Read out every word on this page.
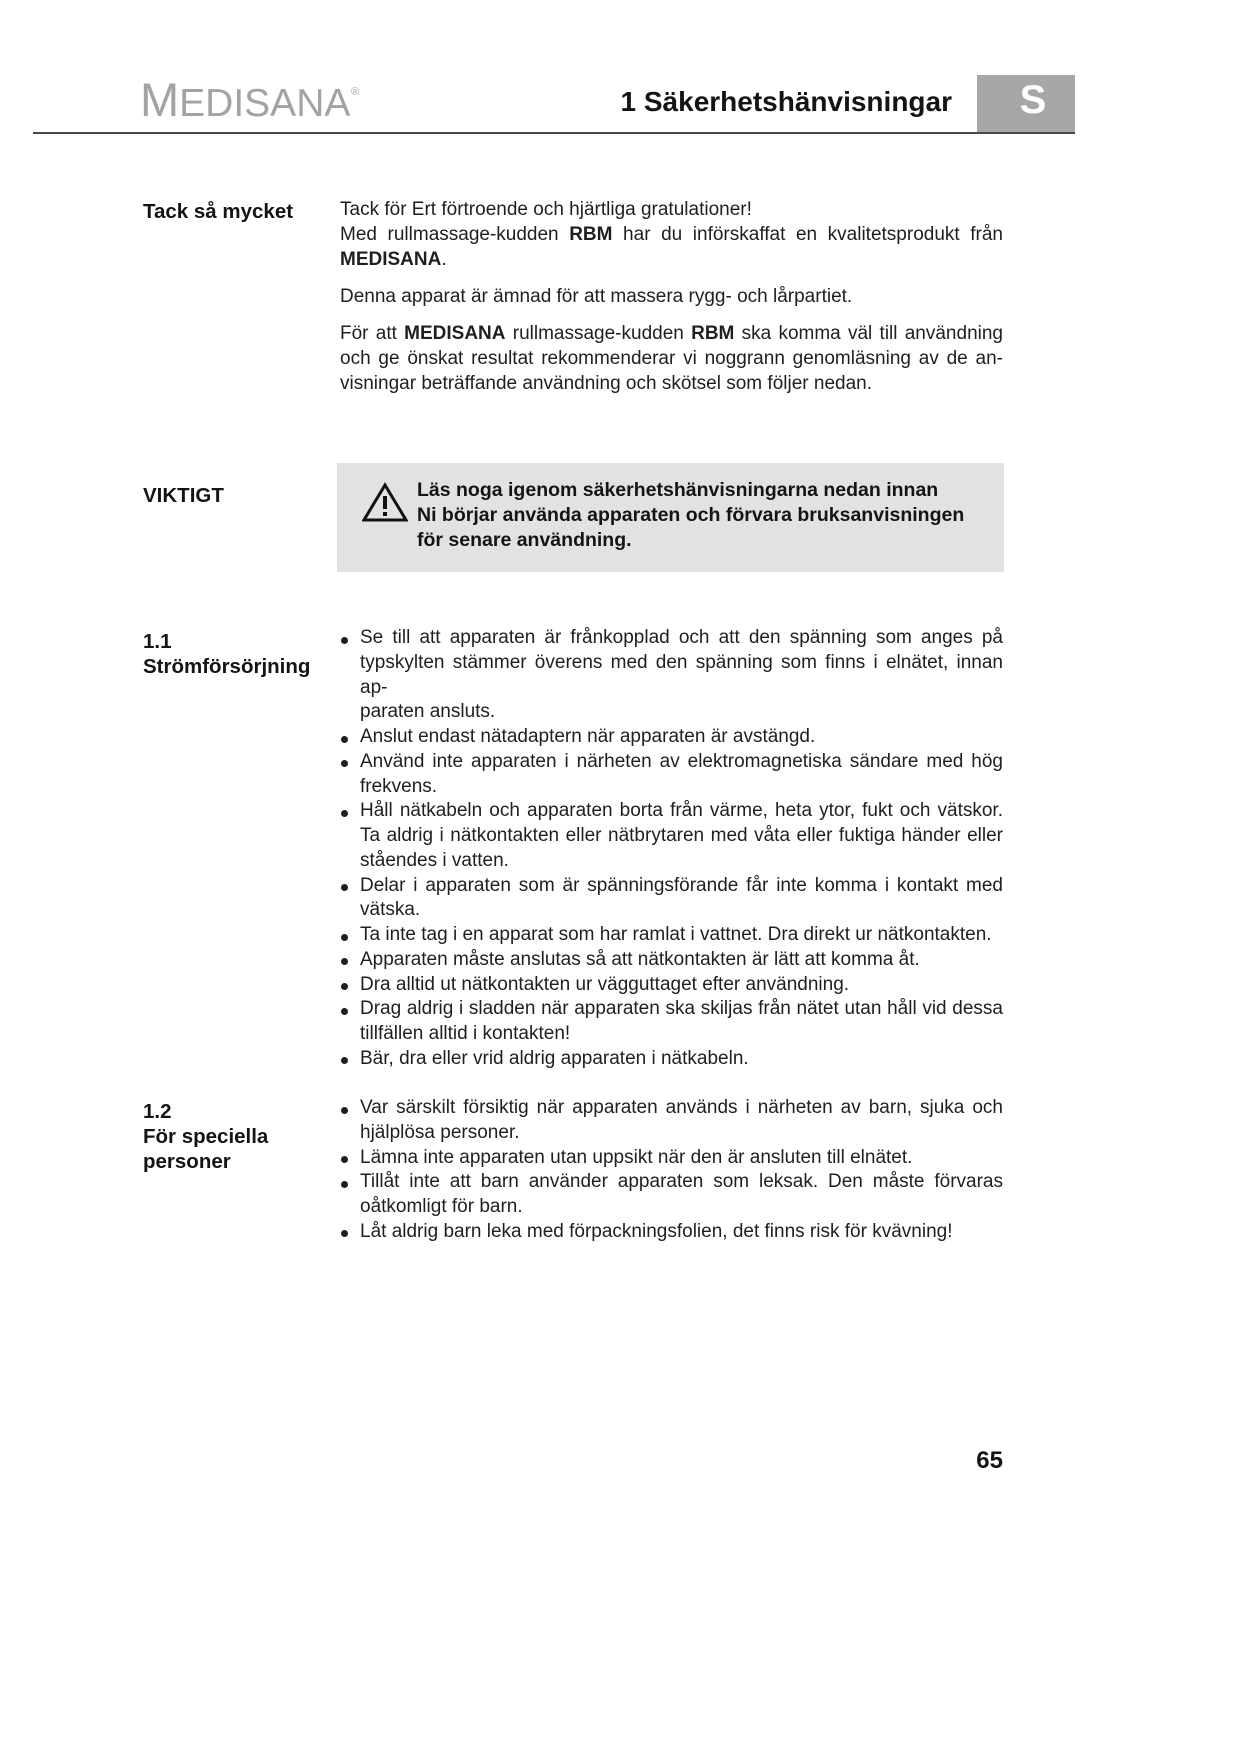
MEDISANA ®	1 Säkerhetshänvisningar	S
Tack så mycket Tack för Ert förtroende och hjärtliga gratulationer!
Med rullmassage-kudden RBM har du införskaffat en kvalitetsprodukt från
MEDISANA.
Denna apparat är ämnad för att massera rygg- och lårpartiet.
För att MEDISANA rullmassage-kudden RBM ska komma väl till användning
och ge önskat resultat rekommenderar vi noggrann genomläsning av de an-
visningar beträffande användning och skötsel som följer nedan.
VIKTIGT	Läs noga igenom säkerhetshänvisningarna nedan innan
Ni börjar använda apparaten och förvara bruksanvisningen
för senare användning.
1.1
Strömförsörjning
Se till att apparaten är frånkopplad och att den spänning som anges på
typskylten stämmer överens med den spänning som finns i elnätet, innan ap-
paraten ansluts.
Anslut endast nätadaptern när apparaten är avstängd.
Använd inte apparaten i närheten av elektromagnetiska sändare med hög
frekvens.
Håll nätkabeln och apparaten borta från värme, heta ytor, fukt och vätskor.
Ta aldrig i nätkontakten eller nätbrytaren med våta eller fuktiga händer eller
ståendes i vatten.
Delar i apparaten som är spänningsförande får inte komma i kontakt med
vätska.
Ta inte tag i en apparat som har ramlat i vattnet. Dra direkt ur nätkontakten.
Apparaten måste anslutas så att nätkontakten är lätt att komma åt.
Dra alltid ut nätkontakten ur vägguttaget efter användning.
Drag aldrig i sladden när apparaten ska skiljas från nätet utan håll vid dessa
tillfällen alltid i kontakten!
Bär, dra eller vrid aldrig apparaten i nätkabeln.
1.2
För speciella
personer
Var särskilt försiktig när apparaten används i närheten av barn, sjuka och
hjälplösa personer.
Lämna inte apparaten utan uppsikt när den är ansluten till elnätet.
Tillåt inte att barn använder apparaten som leksak. Den måste förvaras
oåtkomligt för barn.
Låt aldrig barn leka med förpackningsfolien, det finns risk för kvävning!
65
